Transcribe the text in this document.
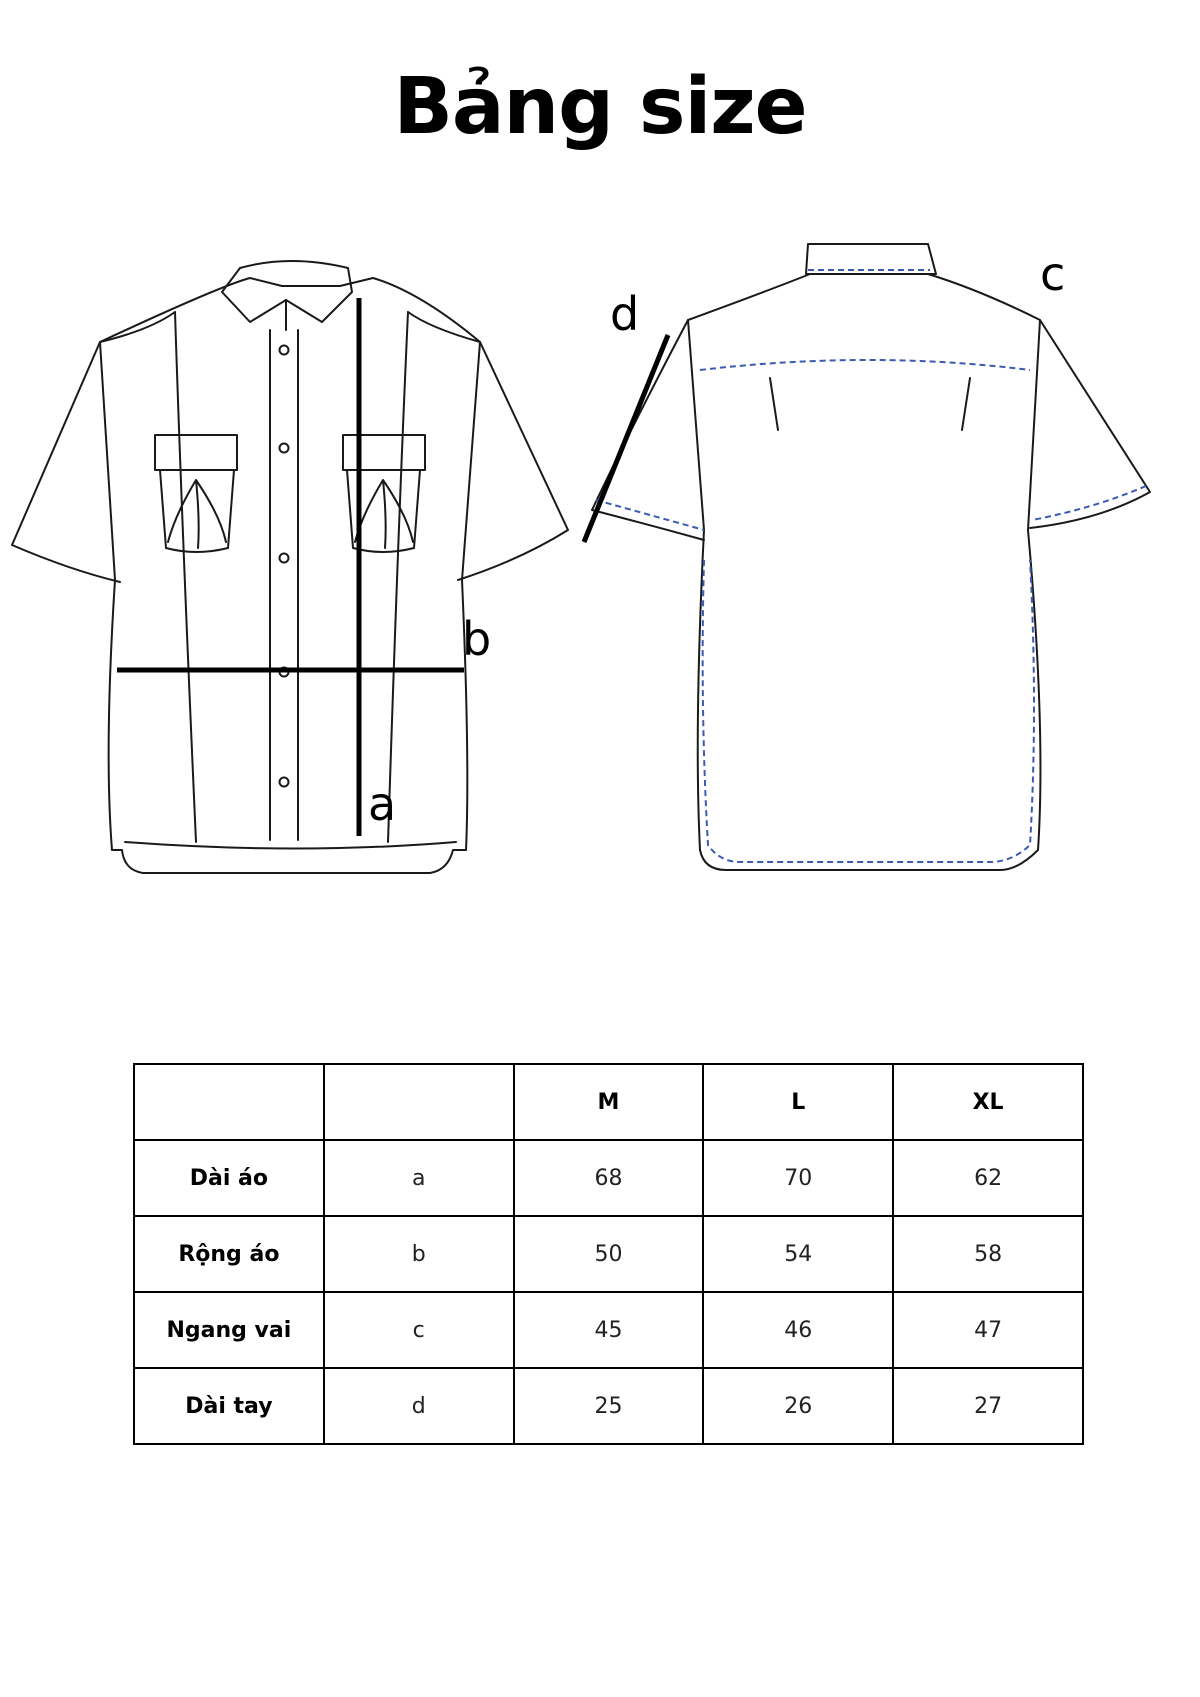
Bảng size
a
b
c
d
		M	L	XL
Dài áo	a	68	70	62
Rộng áo	b	50	54	58
Ngang vai	c	45	46	47
Dài tay	d	25	26	27
